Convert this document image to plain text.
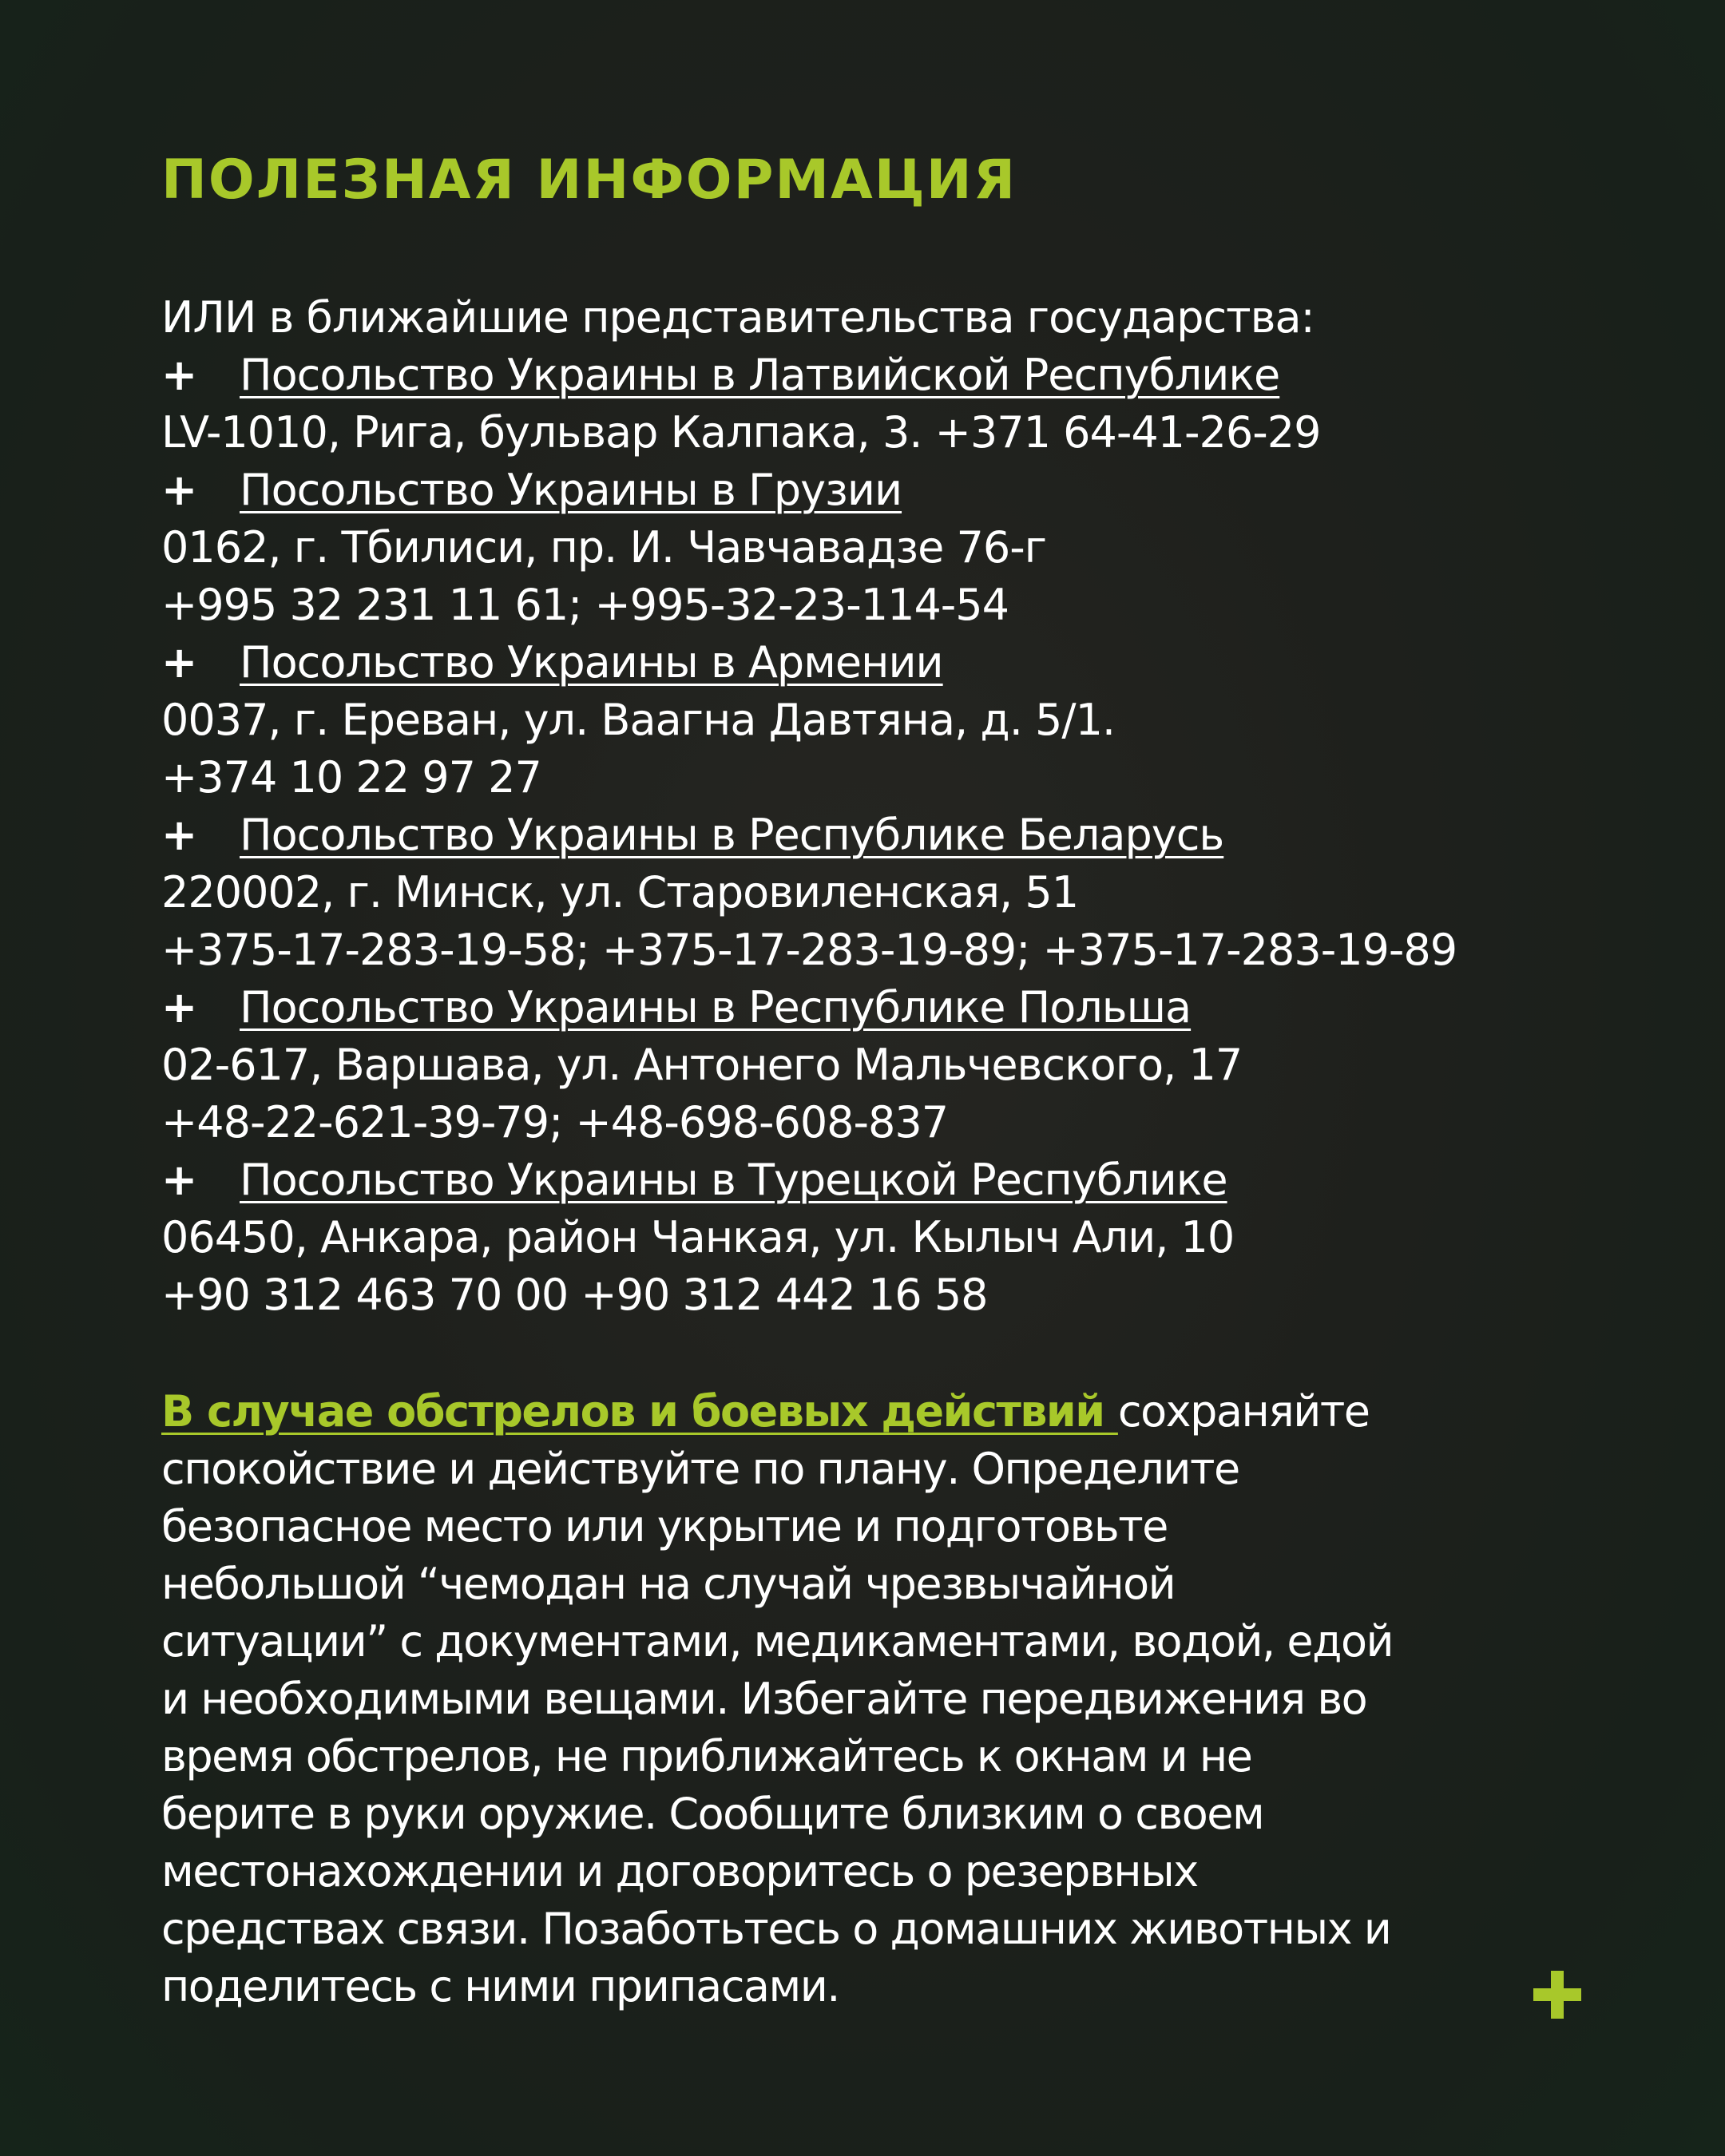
ПОЛЕЗНАЯ ИНФОРМАЦИЯ
ИЛИ в ближайшие представительства государства:
+ Посольство Украины в Латвийской Республике
LV-1010, Рига, бульвар Калпака, 3. +371 64-41-26-29
+ Посольство Украины в Грузии
0162, г. Тбилиси, пр. И. Чавчавадзе 76-г
+995 32 231 11 61; +995-32-23-114-54
+ Посольство Украины в Армении
0037, г. Ереван, ул. Ваагна Давтяна, д. 5/1.
+374 10 22 97 27
+ Посольство Украины в Республике Беларусь
220002, г. Минск, ул. Старовиленская, 51
+375-17-283-19-58; +375-17-283-19-89; +375-17-283-19-89
+ Посольство Украины в Республике Польша
02-617, Варшава, ул. Антонего Мальчевского, 17
+48-22-621-39-79; +48-698-608-837
+ Посольство Украины в Турецкой Республике
06450, Анкара, район Чанкая, ул. Кылыч Али, 10
+90 312 463 70 00 +90 312 442 16 58
В случае обстрелов и боевых действий сохраняйте
спокойствие и действуйте по плану. Определите
безопасное место или укрытие и подготовьте
небольшой “чемодан на случай чрезвычайной
ситуации” с документами, медикаментами, водой, едой
и необходимыми вещами. Избегайте передвижения во
время обстрелов, не приближайтесь к окнам и не
берите в руки оружие. Сообщите близким о своем
местонахождении и договоритесь о резервных
средствах связи. Позаботьтесь о домашних животных и
поделитесь с ними припасами.
